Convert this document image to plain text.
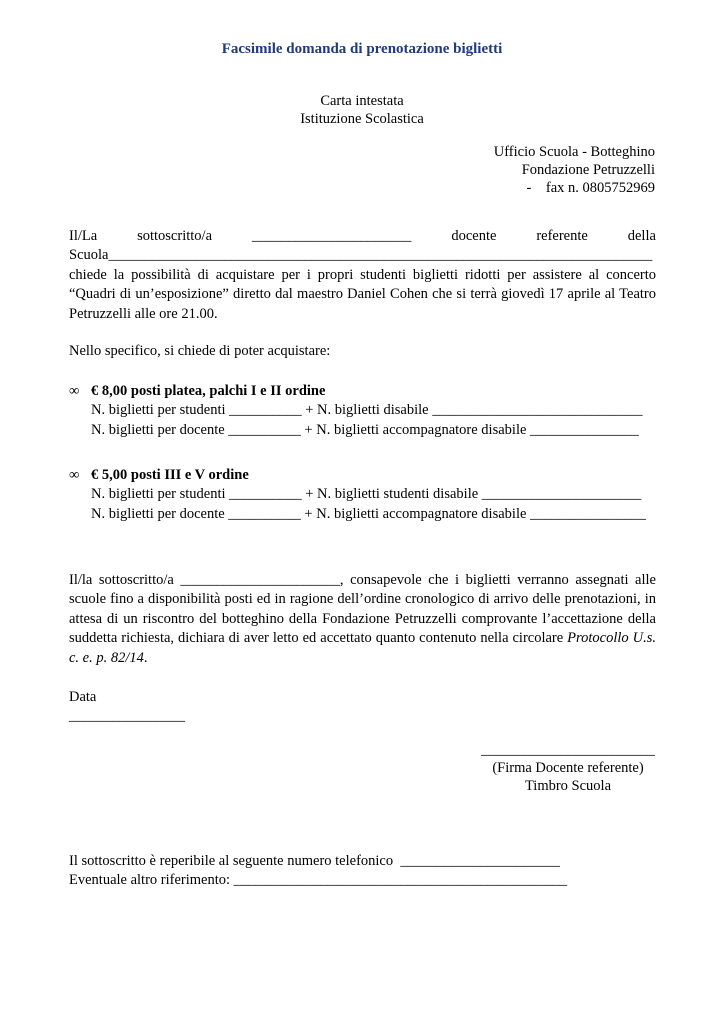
Facsimile domanda di prenotazione biglietti
Carta intestata
Istituzione Scolastica
Ufficio Scuola - Botteghino
Fondazione Petruzzelli
-    fax n. 0805752969
Il/La	sottoscritto/a	______________________	docente	referente	della
Scuola___________________________________________________________________________
chiede la possibilità di acquistare per i propri studenti biglietti ridotti per assistere al concerto
“Quadri di un’esposizione” diretto dal maestro Daniel Cohen che si terrà giovedì 17 aprile al Teatro
Petruzzelli alle ore 21.00.
Nello specifico, si chiede di poter acquistare:
∞ € 8,00 posti platea, palchi I e II ordine
N. biglietti per studenti __________ + N. biglietti disabile _____________________________
N. biglietti per docente __________ + N. biglietti accompagnatore disabile _______________
∞ € 5,00 posti III e V ordine
N. biglietti per studenti __________ + N. biglietti studenti disabile ______________________
N. biglietti per docente __________ + N. biglietti accompagnatore disabile ________________
Il/la sottoscritto/a ______________________, consapevole che i biglietti verranno assegnati alle scuole fino a disponibilità posti ed in ragione dell’ordine cronologico di arrivo delle prenotazioni, in attesa di un riscontro del botteghino della Fondazione Petruzzelli comprovante l’accettazione della suddetta richiesta, dichiara di aver letto ed accettato quanto contenuto nella circolare Protocollo U.s. c. e. p. 82/14.
Data
________________
________________________
(Firma Docente referente)
Timbro Scuola
Il sottoscritto è reperibile al seguente numero telefonico  ______________________
Eventuale altro riferimento: ______________________________________________
